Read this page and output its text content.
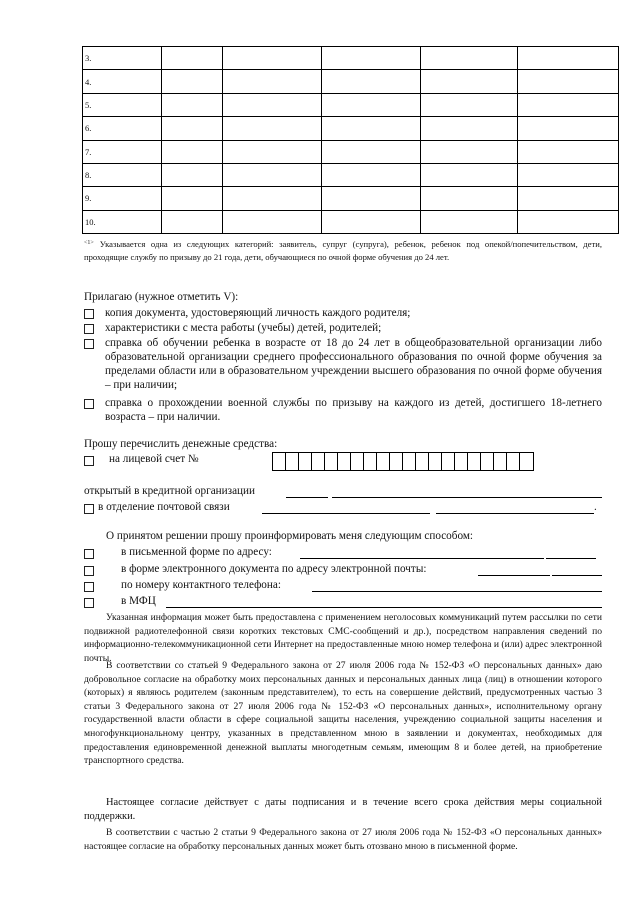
3.					
4.					
5.					
6.					
7.					
8.					
9.					
10.					
$^{<1>}$ Указывается одна из следующих категорий: заявитель, супруг (супруга), ребенок, ребенок под опекой/попечительством, дети, проходящие службу по призыву до 21 года, дети, обучающиеся по очной форме обучения до 24 лет.
Прилагаю (нужное отметить V):
копия документа, удостоверяющий личность каждого родителя;
характеристики с места работы (учебы) детей, родителей;
справка об обучении ребенка в возрасте от 18 до 24 лет в общеобразовательной организации либо образовательной организации среднего профессионального образования по очной форме обучения за пределами области или в образовательном учреждении высшего образования по очной форме обучения – при наличии;
справка о прохождении военной службы по призыву на каждого из детей, достигшего 18-летнего возраста – при наличии.
Прошу перечислить денежные средства:
на лицевой счет №
открытый в кредитной организации
в отделение почтовой связи	.
О принятом решении прошу проинформировать меня следующим способом:
в письменной форме по адресу:
в форме электронного документа по адресу электронной почты:
по номеру контактного телефона:
в МФЦ

Указанная информация может быть предоставлена с применением неголосовых коммуникаций путем рассылки по сети подвижной радиотелефонной связи коротких текстовых СМС-сообщений и др.), посредством направления сведений по информационно-телекоммуникационной сети Интернет на предоставленные мною номер телефона и (или) адрес электронной почты.

В соответствии со статьей 9 Федерального закона от 27 июля 2006 года № 152-ФЗ «О персональных данных» даю добровольное согласие на обработку моих персональных данных и персональных данных лица (лиц) в отношении которого (которых) я являюсь родителем (законным представителем), то есть на совершение действий, предусмотренных частью 3 статьи 3 Федерального закона от 27 июля 2006 года № 152-ФЗ «О персональных данных», исполнительному органу государственной власти области в сфере социальной защиты населения, учреждению социальной защиты населения и многофункциональному центру, указанных в представленном мною в заявлении и документах, необходимых для предоставления единовременной денежной выплаты многодетным семьям, имеющим 8 и более детей, на приобретение транспортного средства.

Настоящее согласие действует с даты подписания и в течение всего срока действия меры социальной поддержки.

В соответствии с частью 2 статьи 9 Федерального закона от 27 июля 2006 года № 152-ФЗ «О персональных данных» настоящее согласие на обработку персональных данных может быть отозвано мною в письменной форме.
